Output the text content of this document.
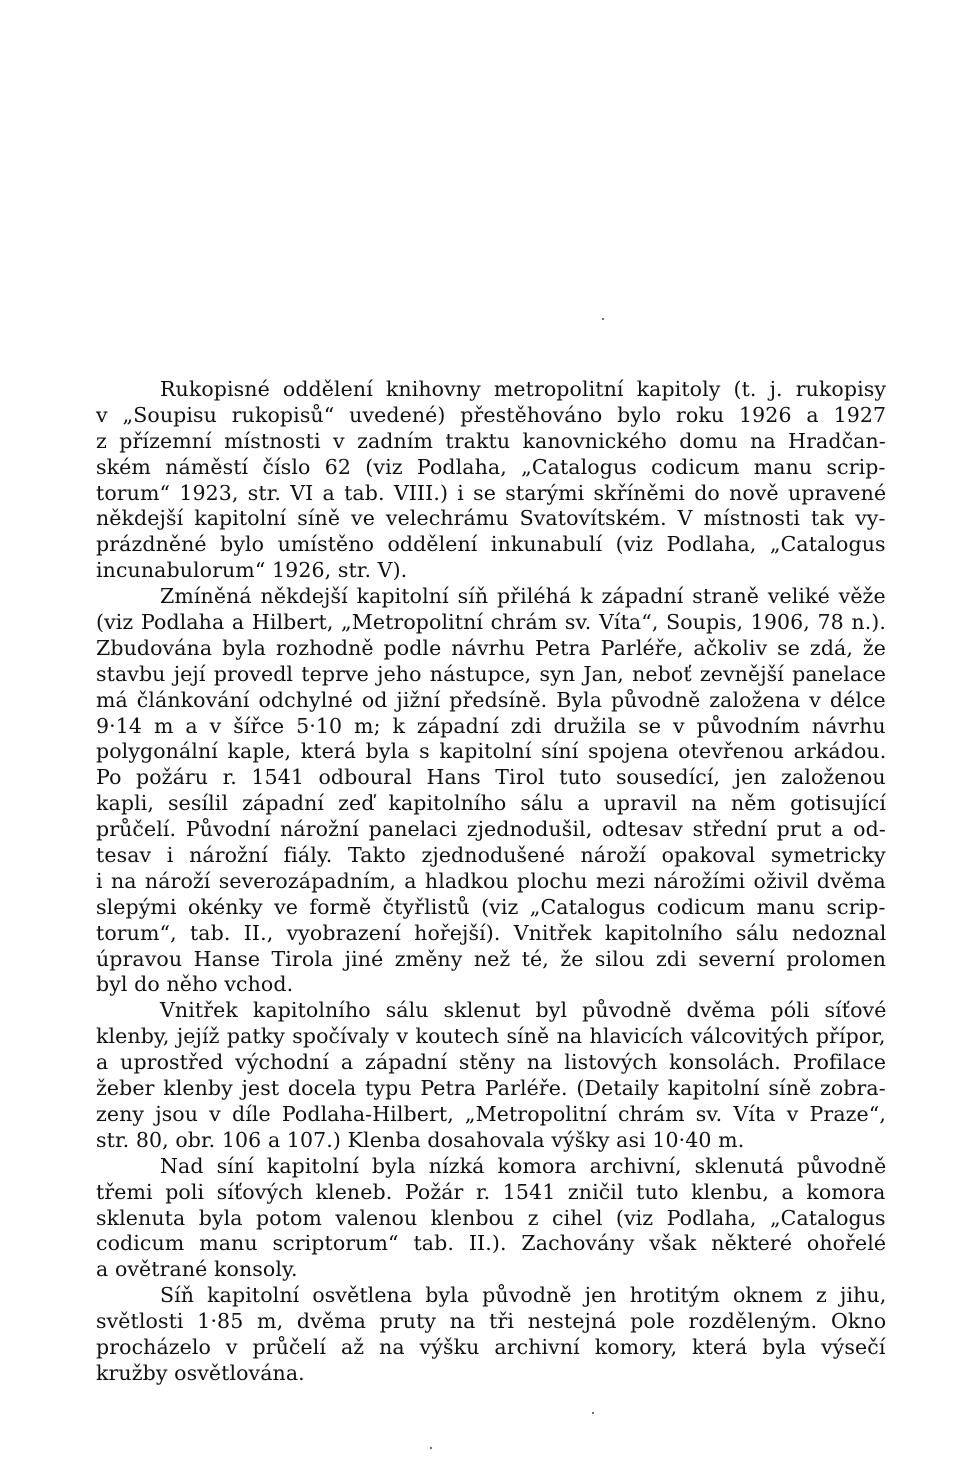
Rukopisné oddělení knihovny metropolitní kapitoly (t. j. rukopisy
v „Soupisu rukopisů“ uvedené) přestěhováno bylo roku 1926 a 1927
z přízemní místnosti v zadním traktu kanovnického domu na Hradčan-
ském náměstí číslo 62 (viz Podlaha, „Catalogus codicum manu scrip-
torum“ 1923, str. VI a tab. VIII.) i se starými skříněmi do nově upravené
někdejší kapitolní síně ve velechrámu Svatovítském. V místnosti tak vy-
prázdněné bylo umístěno oddělení inkunabulí (viz Podlaha, „Catalogus
incunabulorum“ 1926, str. V).
Zmíněná někdejší kapitolní síň přiléhá k západní straně veliké věže
(viz Podlaha a Hilbert, „Metropolitní chrám sv. Víta“, Soupis, 1906, 78 n.).
Zbudována byla rozhodně podle návrhu Petra Parléře, ačkoliv se zdá, že
stavbu její provedl teprve jeho nástupce, syn Jan, neboť zevnější panelace
má článkování odchylné od jižní předsíně. Byla původně založena v délce
9·14 m a v šířce 5·10 m; k západní zdi družila se v původním návrhu
polygonální kaple, která byla s kapitolní síní spojena otevřenou arkádou.
Po požáru r. 1541 odboural Hans Tirol tuto sousedící, jen založenou
kapli, sesílil západní zeď kapitolního sálu a upravil na něm gotisující
průčelí. Původní nárožní panelaci zjednodušil, odtesav střední prut a od-
tesav i nárožní fiály. Takto zjednodušené nároží opakoval symetricky
i na nároží severozápadním, a hladkou plochu mezi nárožími oživil dvěma
slepými okénky ve formě čtyřlistů (viz „Catalogus codicum manu scrip-
torum“, tab. II., vyobrazení hořejší). Vnitřek kapitolního sálu nedoznal
úpravou Hanse Tirola jiné změny než té, že silou zdi severní prolomen
byl do něho vchod.
Vnitřek kapitolního sálu sklenut byl původně dvěma póli síťové
klenby, jejíž patky spočívaly v koutech síně na hlavicích válcovitých přípor,
a uprostřed východní a západní stěny na listových konsolách. Profilace
žeber klenby jest docela typu Petra Parléře. (Detaily kapitolní síně zobra-
zeny jsou v díle Podlaha-Hilbert, „Metropolitní chrám sv. Víta v Praze“,
str. 80, obr. 106 a 107.) Klenba dosahovala výšky asi 10·40 m.
Nad síní kapitolní byla nízká komora archivní, sklenutá původně
třemi poli síťových kleneb. Požár r. 1541 zničil tuto klenbu, a komora
sklenuta byla potom valenou klenbou z cihel (viz Podlaha, „Catalogus
codicum manu scriptorum“ tab. II.). Zachovány však některé ohořelé
a ovětrané konsoly.
Síň kapitolní osvětlena byla původně jen hrotitým oknem z jihu,
světlosti 1·85 m, dvěma pruty na tři nestejná pole rozděleným. Okno
procházelo v průčelí až na výšku archivní komory, která byla výsečí
kružby osvětlována.
